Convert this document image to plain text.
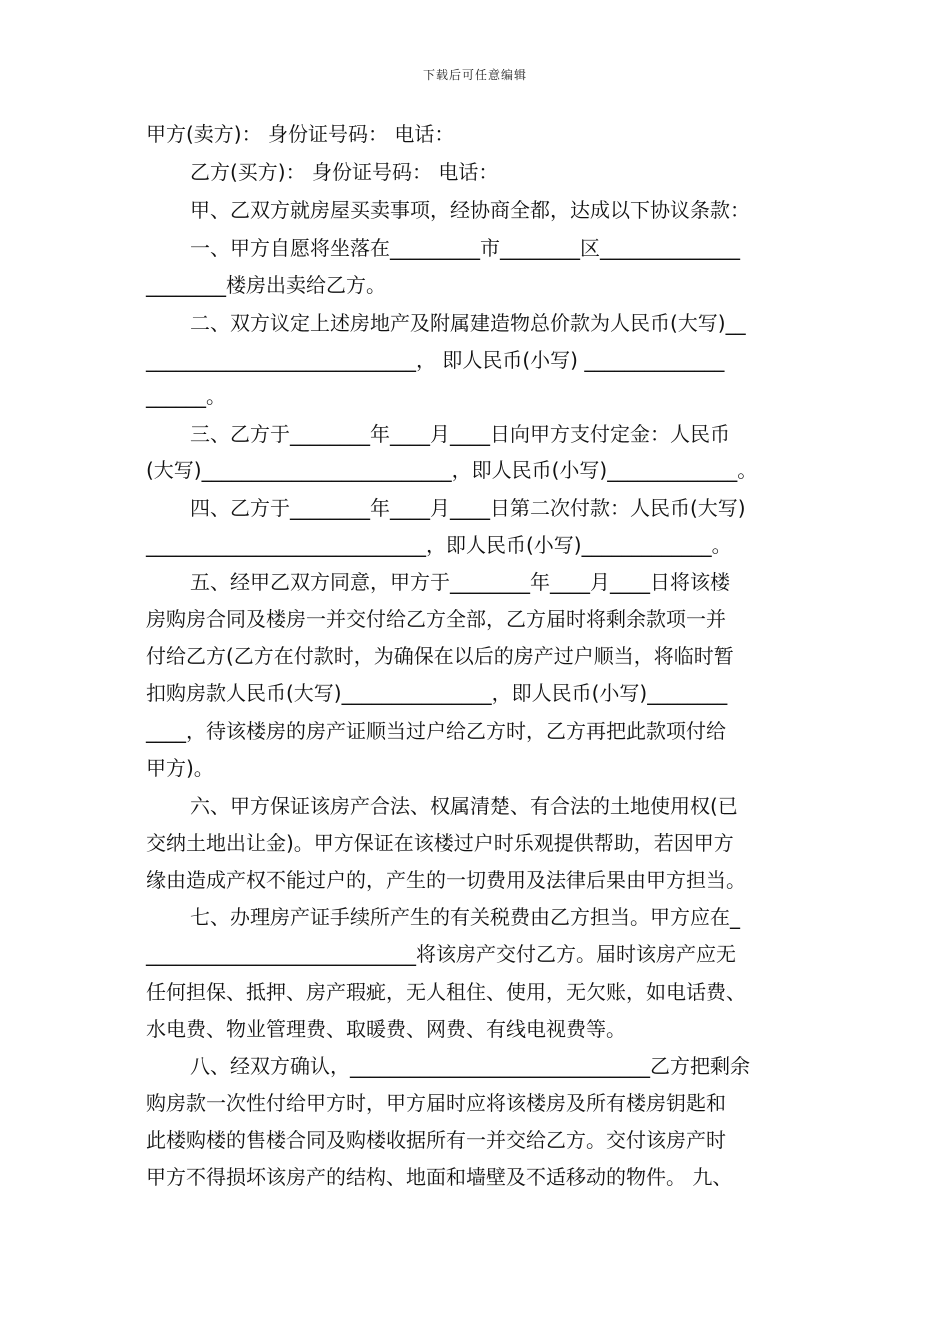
下载后可任意编辑
甲方(卖方)： 身份证号码： 电话：
乙方(买方)： 身份证号码： 电话：
甲、乙双方就房屋买卖事项，经协商全都，达成以下协议条款：
一、甲方自愿将坐落在_________市________区______________
________楼房出卖给乙方。
二、双方议定上述房地产及附属建造物总价款为人民币(大写)__
___________________________， 即人民币(小写) ______________
______。
三、乙方于________年____月____日向甲方支付定金：人民币
(大写)_________________________，即人民币(小写)_____________。
四、乙方于________年____月____日第二次付款：人民币(大写)
____________________________，即人民币(小写)_____________。
五、经甲乙双方同意，甲方于________年____月____日将该楼
房购房合同及楼房一并交付给乙方全部，乙方届时将剩余款项一并
付给乙方(乙方在付款时，为确保在以后的房产过户顺当，将临时暂
扣购房款人民币(大写)_______________，即人民币(小写)________
____，待该楼房的房产证顺当过户给乙方时，乙方再把此款项付给
甲方)。
六、甲方保证该房产合法、权属清楚、有合法的土地使用权(已
交纳土地出让金)。甲方保证在该楼过户时乐观提供帮助，若因甲方
缘由造成产权不能过户的，产生的一切费用及法律后果由甲方担当。
七、办理房产证手续所产生的有关税费由乙方担当。甲方应在_
___________________________将该房产交付乙方。届时该房产应无
任何担保、抵押、房产瑕疵，无人租住、使用，无欠账，如电话费、
水电费、物业管理费、取暖费、网费、有线电视费等。
八、经双方确认，______________________________乙方把剩余
购房款一次性付给甲方时，甲方届时应将该楼房及所有楼房钥匙和
此楼购楼的售楼合同及购楼收据所有一并交给乙方。交付该房产时
甲方不得损坏该房产的结构、地面和墙壁及不适移动的物件。 九、
